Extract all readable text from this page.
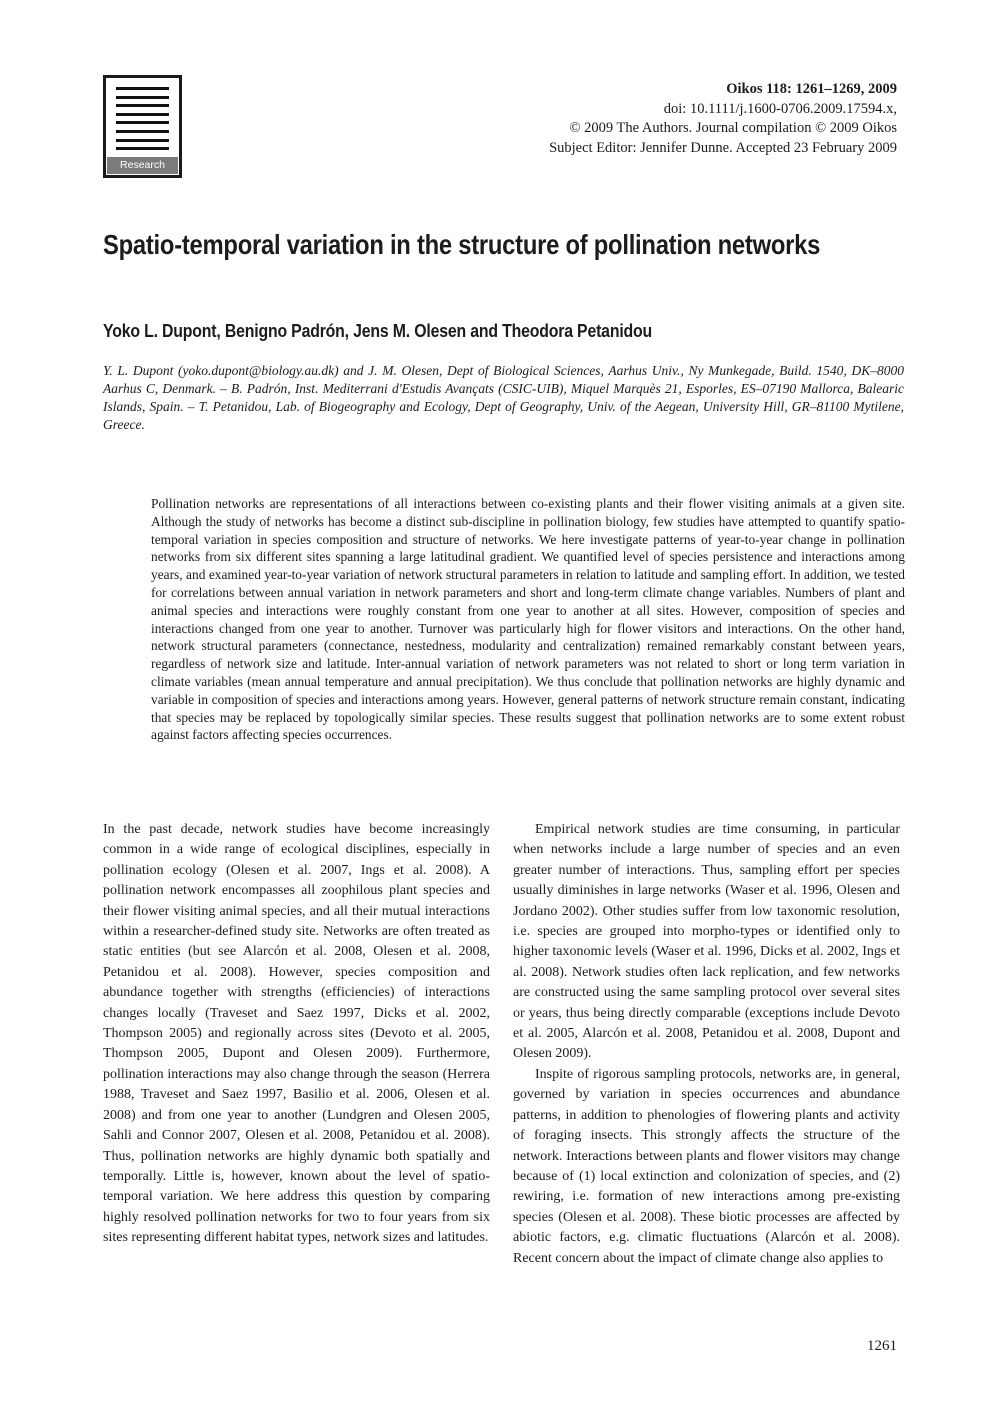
Research
Oikos 118: 1261–1269, 2009
doi: 10.1111/j.1600-0706.2009.17594.x,
© 2009 The Authors. Journal compilation © 2009 Oikos
Subject Editor: Jennifer Dunne. Accepted 23 February 2009
Spatio-temporal variation in the structure of pollination networks
Yoko L. Dupont, Benigno Padrón, Jens M. Olesen and Theodora Petanidou
Y. L. Dupont (yoko.dupont@biology.au.dk) and J. M. Olesen, Dept of Biological Sciences, Aarhus Univ., Ny Munkegade, Build. 1540, DK–8000 Aarhus C, Denmark. – B. Padrón, Inst. Mediterrani d'Estudis Avançats (CSIC-UIB), Miquel Marquès 21, Esporles, ES–07190 Mallorca, Balearic Islands, Spain. – T. Petanidou, Lab. of Biogeography and Ecology, Dept of Geography, Univ. of the Aegean, University Hill, GR–81100 Mytilene, Greece.
Pollination networks are representations of all interactions between co-existing plants and their flower visiting animals at a given site. Although the study of networks has become a distinct sub-discipline in pollination biology, few studies have attempted to quantify spatio-temporal variation in species composition and structure of networks. We here investigate patterns of year-to-year change in pollination networks from six different sites spanning a large latitudinal gradient. We quantified level of species persistence and interactions among years, and examined year-to-year variation of network structural parameters in relation to latitude and sampling effort. In addition, we tested for correlations between annual variation in network parameters and short and long-term climate change variables. Numbers of plant and animal species and interactions were roughly constant from one year to another at all sites. However, composition of species and interactions changed from one year to another. Turnover was particularly high for flower visitors and interactions. On the other hand, network structural parameters (connectance, nestedness, modularity and centralization) remained remarkably constant between years, regardless of network size and latitude. Inter-annual variation of network parameters was not related to short or long term variation in climate variables (mean annual temperature and annual precipitation). We thus conclude that pollination networks are highly dynamic and variable in composition of species and interactions among years. However, general patterns of network structure remain constant, indicating that species may be replaced by topologically similar species. These results suggest that pollination networks are to some extent robust against factors affecting species occurrences.

In the past decade, network studies have become increasingly common in a wide range of ecological disciplines, especially in pollination ecology (Olesen et al. 2007, Ings et al. 2008). A pollination network encompasses all zoophilous plant species and their flower visiting animal species, and all their mutual interactions within a researcher-defined study site. Networks are often treated as static entities (but see Alarcón et al. 2008, Olesen et al. 2008, Petanidou et al. 2008). However, species composition and abundance together with strengths (efficiencies) of interactions changes locally (Traveset and Saez 1997, Dicks et al. 2002, Thompson 2005) and regionally across sites (Devoto et al. 2005, Thompson 2005, Dupont and Olesen 2009). Furthermore, pollination interactions may also change through the season (Herrera 1988, Traveset and Saez 1997, Basilio et al. 2006, Olesen et al. 2008) and from one year to another (Lundgren and Olesen 2005, Sahli and Connor 2007, Olesen et al. 2008, Petanidou et al. 2008). Thus, pollination networks are highly dynamic both spatially and temporally. Little is, however, known about the level of spatio-temporal variation. We here address this question by comparing highly resolved pollination networks for two to four years from six sites representing different habitat types, network sizes and latitudes.

Empirical network studies are time consuming, in particular when networks include a large number of species and an even greater number of interactions. Thus, sampling effort per species usually diminishes in large networks (Waser et al. 1996, Olesen and Jordano 2002). Other studies suffer from low taxonomic resolution, i.e. species are grouped into morpho-types or identified only to higher taxonomic levels (Waser et al. 1996, Dicks et al. 2002, Ings et al. 2008). Network studies often lack replication, and few networks are constructed using the same sampling protocol over several sites or years, thus being directly comparable (exceptions include Devoto et al. 2005, Alarcón et al. 2008, Petanidou et al. 2008, Dupont and Olesen 2009).

Inspite of rigorous sampling protocols, networks are, in general, governed by variation in species occurrences and abundance patterns, in addition to phenologies of flowering plants and activity of foraging insects. This strongly affects the structure of the network. Interactions between plants and flower visitors may change because of (1) local extinction and colonization of species, and (2) rewiring, i.e. formation of new interactions among pre-existing species (Olesen et al. 2008). These biotic processes are affected by abiotic factors, e.g. climatic fluctuations (Alarcón et al. 2008). Recent concern about the impact of climate change also applies to

1261
